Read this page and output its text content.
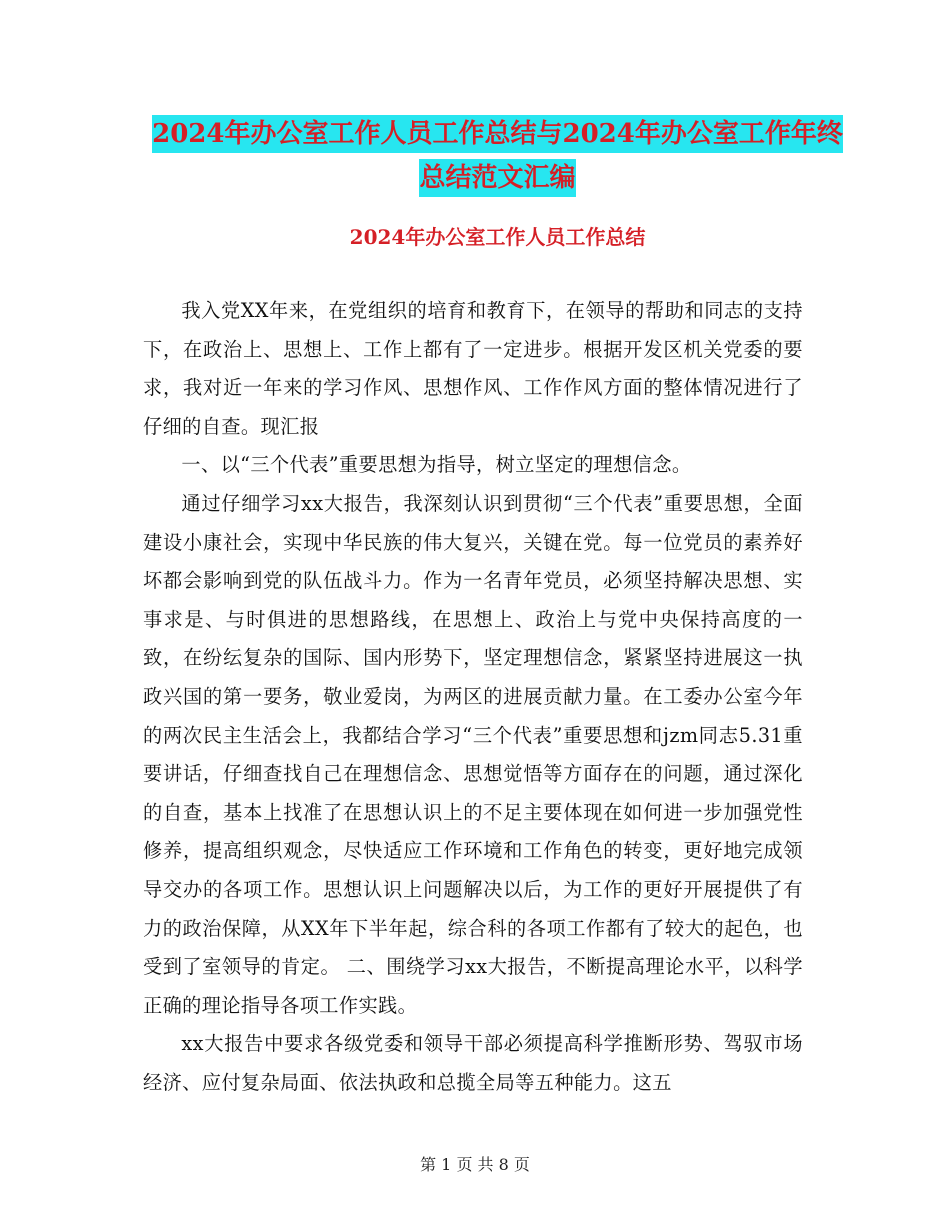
2024年办公室工作人员工作总结与2024年办公室工作年终总结范文汇编
2024年办公室工作人员工作总结

我入党XX年来，在党组织的培育和教育下，在领导的帮助和同志的支持下，在政治上、思想上、工作上都有了一定进步。根据开发区机关党委的要求，我对近一年来的学习作风、思想作风、工作作风方面的整体情况进行了仔细的自查。现汇报

一、以“三个代表”重要思想为指导，树立坚定的理想信念。

通过仔细学习xx大报告，我深刻认识到贯彻“三个代表”重要思想，全面建设小康社会，实现中华民族的伟大复兴，关键在党。每一位党员的素养好坏都会影响到党的队伍战斗力。作为一名青年党员，必须坚持解决思想、实事求是、与时俱进的思想路线，在思想上、政治上与党中央保持高度的一致，在纷纭复杂的国际、国内形势下，坚定理想信念，紧紧坚持进展这一执政兴国的第一要务，敬业爱岗，为两区的进展贡献力量。在工委办公室今年的两次民主生活会上，我都结合学习“三个代表”重要思想和jzm同志5.31重要讲话，仔细查找自己在理想信念、思想觉悟等方面存在的问题，通过深化的自查，基本上找准了在思想认识上的不足主要体现在如何进一步加强党性修养，提高组织观念，尽快适应工作环境和工作角色的转变，更好地完成领导交办的各项工作。思想认识上问题解决以后，为工作的更好开展提供了有力的政治保障，从XX年下半年起，综合科的各项工作都有了较大的起色，也受到了室领导的肯定。 二、围绕学习xx大报告，不断提高理论水平，以科学正确的理论指导各项工作实践。

xx大报告中要求各级党委和领导干部必须提高科学推断形势、驾驭市场经济、应付复杂局面、依法执政和总揽全局等五种能力。这五

第 1 页 共 8 页
